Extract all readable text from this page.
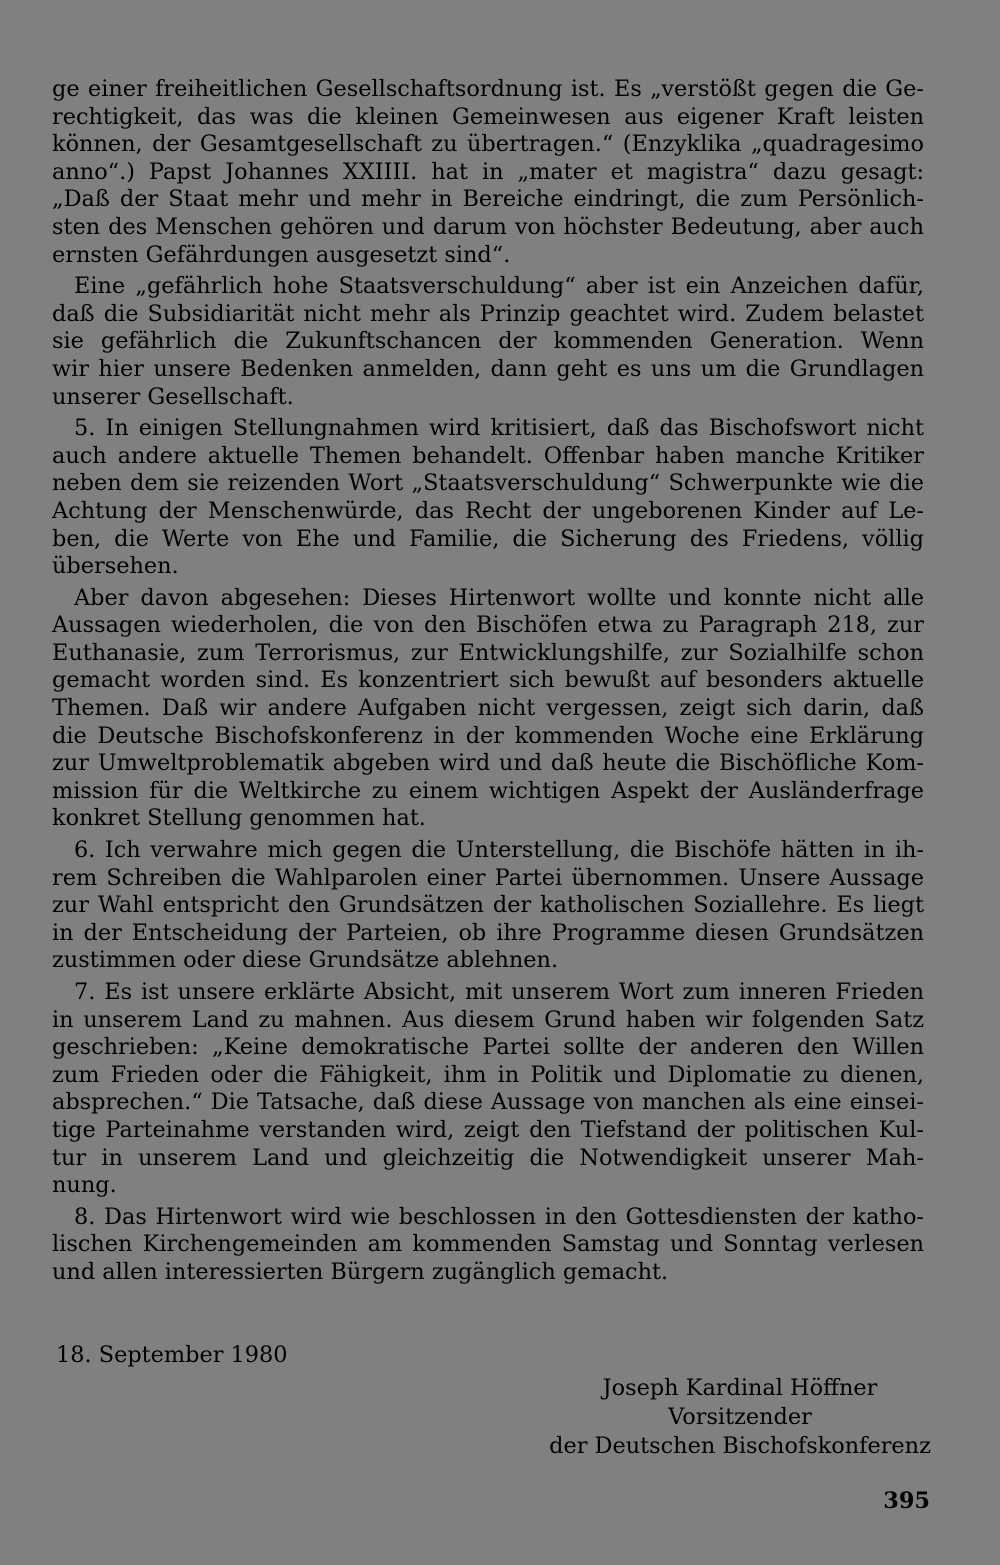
ge einer freiheitlichen Gesellschaftsordnung ist. Es „verstößt gegen die Ge-
rechtigkeit, das was die kleinen Gemeinwesen aus eigener Kraft leisten
können, der Gesamtgesellschaft zu übertragen.“ (Enzyklika „quadragesimo
anno“.) Papst Johannes XXIIII. hat in „mater et magistra“ dazu gesagt:
„Daß der Staat mehr und mehr in Bereiche eindringt, die zum Persönlich-
sten des Menschen gehören und darum von höchster Bedeutung, aber auch
ernsten Gefährdungen ausgesetzt sind“.

Eine „gefährlich hohe Staatsverschuldung“ aber ist ein Anzeichen dafür,
daß die Subsidiarität nicht mehr als Prinzip geachtet wird. Zudem belastet
sie gefährlich die Zukunftschancen der kommenden Generation. Wenn
wir hier unsere Bedenken anmelden, dann geht es uns um die Grundlagen
unserer Gesellschaft.

5. In einigen Stellungnahmen wird kritisiert, daß das Bischofswort nicht
auch andere aktuelle Themen behandelt. Offenbar haben manche Kritiker
neben dem sie reizenden Wort „Staatsverschuldung“ Schwerpunkte wie die
Achtung der Menschenwürde, das Recht der ungeborenen Kinder auf Le-
ben, die Werte von Ehe und Familie, die Sicherung des Friedens, völlig
übersehen.

Aber davon abgesehen: Dieses Hirtenwort wollte und konnte nicht alle
Aussagen wiederholen, die von den Bischöfen etwa zu Paragraph 218, zur
Euthanasie, zum Terrorismus, zur Entwicklungshilfe, zur Sozialhilfe schon
gemacht worden sind. Es konzentriert sich bewußt auf besonders aktuelle
Themen. Daß wir andere Aufgaben nicht vergessen, zeigt sich darin, daß
die Deutsche Bischofskonferenz in der kommenden Woche eine Erklärung
zur Umweltproblematik abgeben wird und daß heute die Bischöfliche Kom-
mission für die Weltkirche zu einem wichtigen Aspekt der Ausländerfrage
konkret Stellung genommen hat.

6. Ich verwahre mich gegen die Unterstellung, die Bischöfe hätten in ih-
rem Schreiben die Wahlparolen einer Partei übernommen. Unsere Aussage
zur Wahl entspricht den Grundsätzen der katholischen Soziallehre. Es liegt
in der Entscheidung der Parteien, ob ihre Programme diesen Grundsätzen
zustimmen oder diese Grundsätze ablehnen.

7. Es ist unsere erklärte Absicht, mit unserem Wort zum inneren Frieden
in unserem Land zu mahnen. Aus diesem Grund haben wir folgenden Satz
geschrieben: „Keine demokratische Partei sollte der anderen den Willen
zum Frieden oder die Fähigkeit, ihm in Politik und Diplomatie zu dienen,
absprechen.“ Die Tatsache, daß diese Aussage von manchen als eine einsei-
tige Parteinahme verstanden wird, zeigt den Tiefstand der politischen Kul-
tur in unserem Land und gleichzeitig die Notwendigkeit unserer Mah-
nung.

8. Das Hirtenwort wird wie beschlossen in den Gottesdiensten der katho-
lischen Kirchengemeinden am kommenden Samstag und Sonntag verlesen
und allen interessierten Bürgern zugänglich gemacht.

18. September 1980
Joseph Kardinal Höffner
Vorsitzender
der Deutschen Bischofskonferenz
395
